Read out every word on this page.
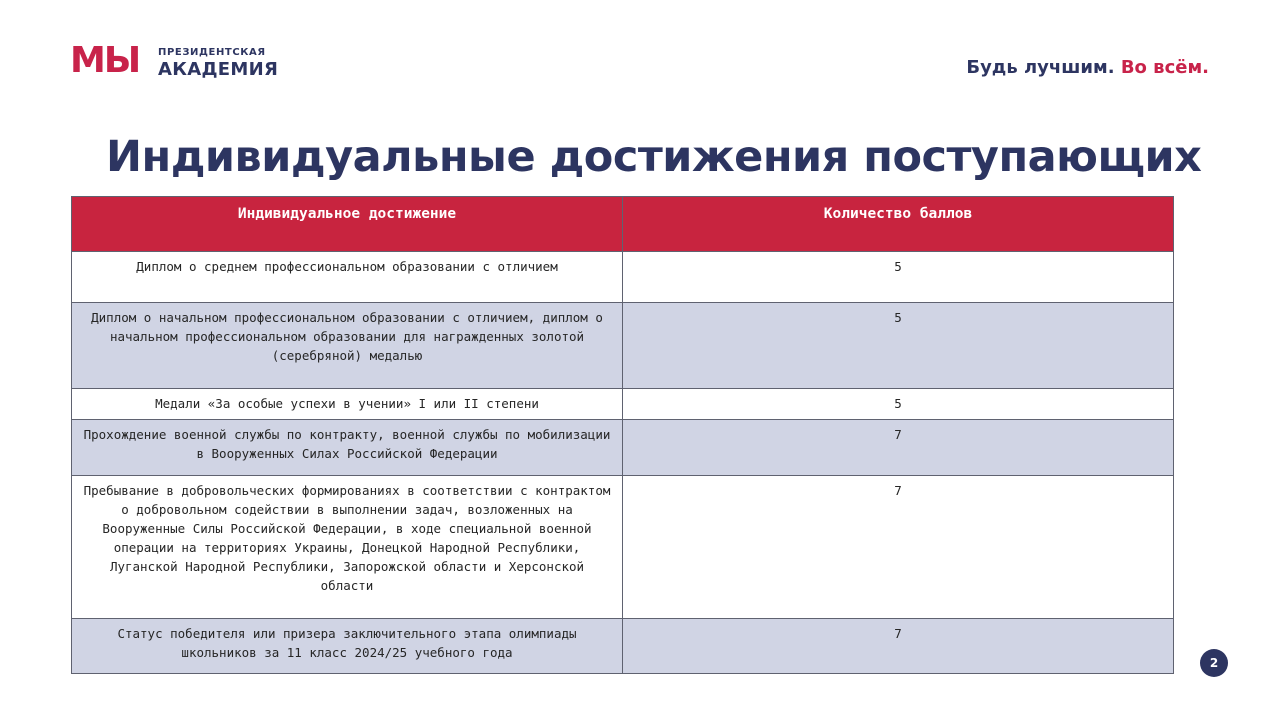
МЫ ПРЕЗИДЕНТСКАЯ
АКАДЕМИЯ	Будь лучшим. Во всём.
Индивидуальные достижения поступающих
Индивидуальное достижение	Количество баллов
Диплом о среднем профессиональном образовании с отличием	5
Диплом о начальном профессиональном образовании с отличием, диплом о начальном профессиональном образовании для награжденных золотой (серебряной) медалью	5
Медали «За особые успехи в учении» I или II степени	5
Прохождение военной службы по контракту, военной службы по мобилизации в Вооруженных Силах Российской Федерации	7
Пребывание в добровольческих формированиях в соответствии с контрактом о добровольном содействии в выполнении задач, возложенных на Вооруженные Силы Российской Федерации, в ходе специальной военной операции на территориях Украины, Донецкой Народной Республики, Луганской Народной Республики, Запорожской области и Херсонской области	7
Статус победителя или призера заключительного этапа олимпиады школьников за 11 класс 2024/25 учебного года	7
2
